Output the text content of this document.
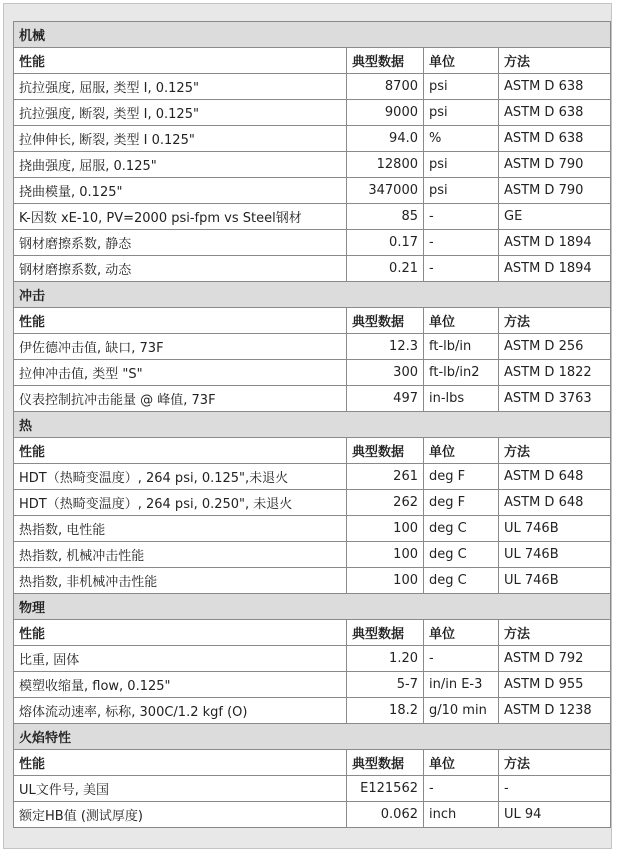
机械			
性能	典型数据	单位	方法
抗拉强度, 屈服, 类型 I, 0.125"	8700	psi	ASTM D 638
抗拉强度, 断裂, 类型 I, 0.125"	9000	psi	ASTM D 638
拉伸伸长, 断裂, 类型 I 0.125"	94.0	%	ASTM D 638
挠曲强度, 屈服, 0.125"	12800	psi	ASTM D 790
挠曲模量, 0.125"	347000	psi	ASTM D 790
K-因数 xE-10, PV=2000 psi-fpm vs Steel钢材	85	-	GE
钢材磨擦系数, 静态	0.17	-	ASTM D 1894
钢材磨擦系数, 动态	0.21	-	ASTM D 1894
冲击			
性能	典型数据	单位	方法
伊佐德冲击值, 缺口, 73F	12.3	ft-lb/in	ASTM D 256
拉伸冲击值, 类型 "S"	300	ft-lb/in2	ASTM D 1822
仪表控制抗冲击能量 @ 峰值, 73F	497	in-lbs	ASTM D 3763
热			
性能	典型数据	单位	方法
HDT（热畸变温度）, 264 psi, 0.125",未退火	261	deg F	ASTM D 648
HDT（热畸变温度）, 264 psi, 0.250", 未退火	262	deg F	ASTM D 648
热指数, 电性能	100	deg C	UL 746B
热指数, 机械冲击性能	100	deg C	UL 746B
热指数, 非机械冲击性能	100	deg C	UL 746B
物理			
性能	典型数据	单位	方法
比重, 固体	1.20	-	ASTM D 792
模塑收缩量, flow, 0.125"	5-7	in/in E-3	ASTM D 955
熔体流动速率, 标称, 300C/1.2 kgf (O)	18.2	g/10 min	ASTM D 1238
火焰特性			
性能	典型数据	单位	方法
UL文件号, 美国	E121562	-	-
额定HB值 (测试厚度)	0.062	inch	UL 94
